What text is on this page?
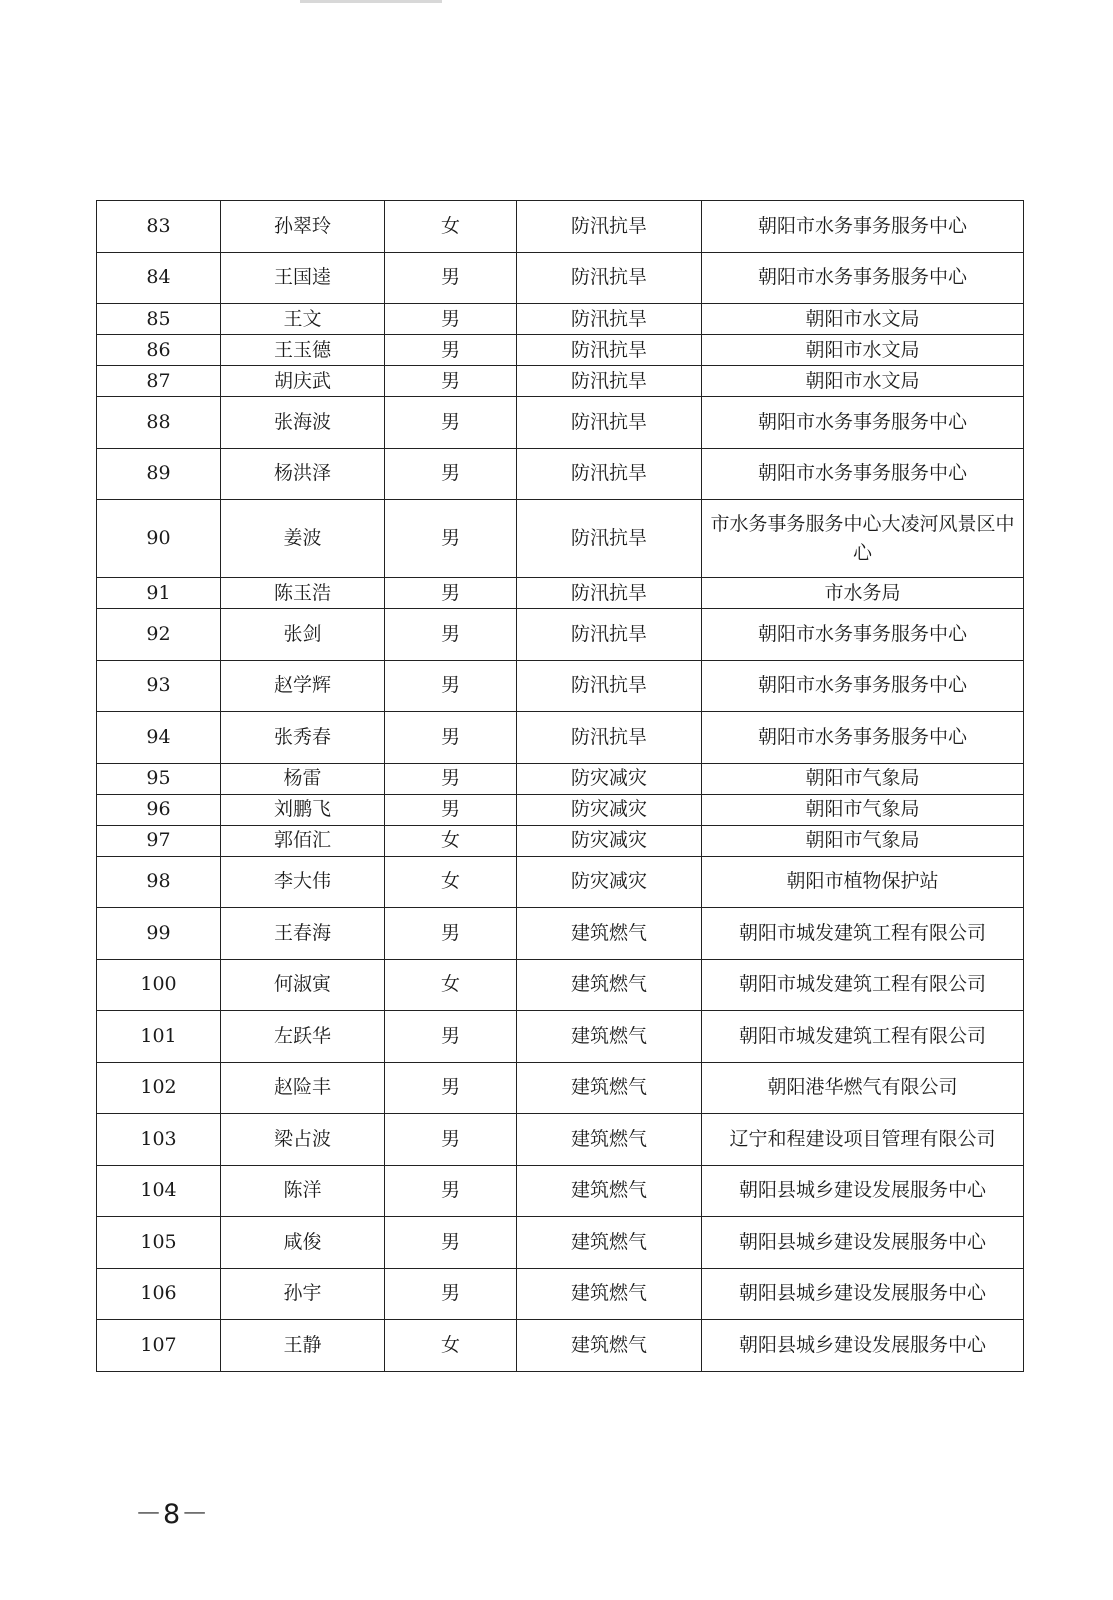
83	孙翠玲	女	防汛抗旱	朝阳市水务事务服务中心
84	王国逵	男	防汛抗旱	朝阳市水务事务服务中心
85	王文	男	防汛抗旱	朝阳市水文局
86	王玉德	男	防汛抗旱	朝阳市水文局
87	胡庆武	男	防汛抗旱	朝阳市水文局
88	张海波	男	防汛抗旱	朝阳市水务事务服务中心
89	杨洪泽	男	防汛抗旱	朝阳市水务事务服务中心
90	姜波	男	防汛抗旱	市水务事务服务中心大凌河风景区中心
91	陈玉浩	男	防汛抗旱	市水务局
92	张剑	男	防汛抗旱	朝阳市水务事务服务中心
93	赵学辉	男	防汛抗旱	朝阳市水务事务服务中心
94	张秀春	男	防汛抗旱	朝阳市水务事务服务中心
95	杨雷	男	防灾减灾	朝阳市气象局
96	刘鹏飞	男	防灾减灾	朝阳市气象局
97	郭佰汇	女	防灾减灾	朝阳市气象局
98	李大伟	女	防灾减灾	朝阳市植物保护站
99	王春海	男	建筑燃气	朝阳市城发建筑工程有限公司
100	何淑寅	女	建筑燃气	朝阳市城发建筑工程有限公司
101	左跃华	男	建筑燃气	朝阳市城发建筑工程有限公司
102	赵险丰	男	建筑燃气	朝阳港华燃气有限公司
103	梁占波	男	建筑燃气	辽宁和程建设项目管理有限公司
104	陈洋	男	建筑燃气	朝阳县城乡建设发展服务中心
105	咸俊	男	建筑燃气	朝阳县城乡建设发展服务中心
106	孙宇	男	建筑燃气	朝阳县城乡建设发展服务中心
107	王静	女	建筑燃气	朝阳县城乡建设发展服务中心
－8－
